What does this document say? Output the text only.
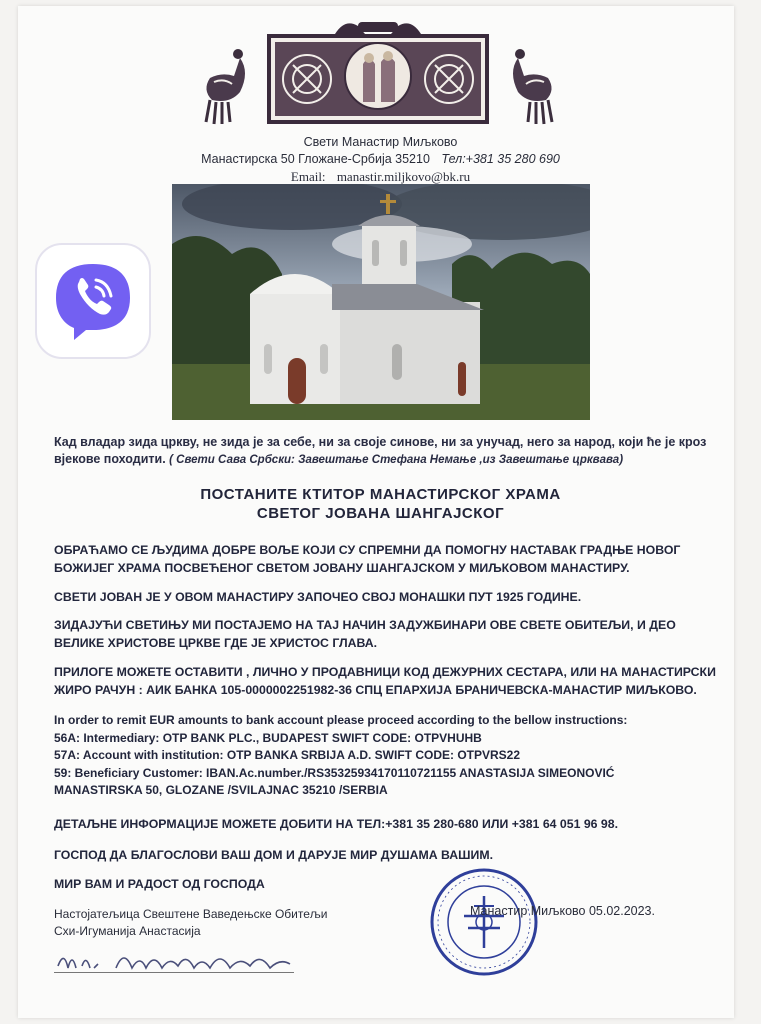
Свети Манастир Миљково
Манастирска 50 Гложане-Србија 35210 Тел:+381 35 280 690
Email: manastir.miljkovo@bk.ru
Кад владар зида цркву, не зида је за себе, ни за своје синове, ни за унучад, него за народ, који ће је кроз вјекове походити. ( Свети Сава Србски: Завештање Стефана Немање ,из Завештање црквaва)
ПОСТАНИТЕ КТИТОР МАНАСТИРСКОГ ХРАМА
СВЕТОГ ЈОВАНА ШАНГАЈСКОГ
ОБРАЋАМО СЕ ЉУДИМА ДОБРЕ ВОЉЕ КОЈИ СУ СПРЕМНИ ДА ПОМОГНУ НАСТАВАК ГРАДЊЕ НОВОГ БОЖИЈЕГ ХРАМА ПОСВЕЋЕНОГ СВЕТОМ ЈОВАНУ ШАНГАЈСКОМ У МИЉКОВОМ МАНАСТИРУ.
СВЕТИ ЈОВАН ЈЕ У ОВОМ МАНАСТИРУ ЗАПОЧЕО СВОЈ МОНАШКИ ПУТ 1925 ГОДИНЕ.
ЗИДАЈУЋИ СВЕТИЊУ МИ ПОСТАЈЕМО НА ТАЈ НАЧИН ЗАДУЖБИНАРИ ОВЕ СВЕТЕ ОБИТЕЉИ, И ДЕО ВЕЛИКЕ ХРИСТОВЕ ЦРКВЕ ГДЕ ЈЕ ХРИСТОС ГЛАВА.
ПРИЛОГЕ МОЖЕТЕ ОСТАВИТИ , ЛИЧНО У ПРОДАВНИЦИ КОД ДЕЖУРНИХ СЕСТАРА, ИЛИ НА МАНАСТИРСКИ ЖИРО РАЧУН : АИК БАНКА 105-0000002251982-36 СПЦ ЕПАРХИЈА БРАНИЧЕВСКА-МАНАСТИР МИЉКОВО.
In order to remit EUR amounts to bank account please proceed according to the bellow instructions:
56A: Intermediary: OTP BANK PLC., BUDAPEST SWIFT CODE: OTPVHUHB
57A: Account with institution: OTP BANKA SRBIJA A.D. SWIFT CODE: OTPVRS22
59: Beneficiary Customer: IBAN.Ac.number./RS35325934170110721155 ANASTASIJA SIMEONOVIĆ
MANASTIRSKA 50, GLOZANE /SVILAJNAC 35210 /SERBIA
ДЕТАЉНЕ ИНФОРМАЦИЈЕ МОЖЕТЕ ДОБИТИ НА ТЕЛ:+381 35 280-680 ИЛИ +381 64 051 96 98.
ГОСПОД ДА БЛАГОСЛОВИ ВАШ ДОМ И ДАРУЈЕ МИР ДУШАМА ВАШИМ.
МИР ВАМ И РАДОСТ ОД ГОСПОДА
Настојатељица Свештене Ваведењске Обитељи
Схи-Игуманија Анастасија
Манастир Миљково 05.02.2023.
